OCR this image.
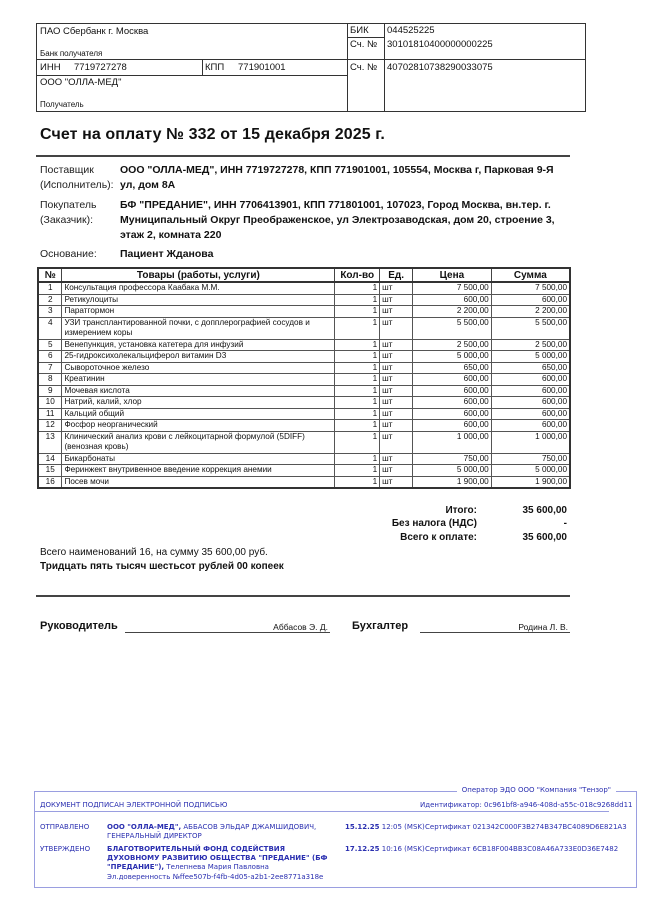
ПАО Сбербанк г. Москва
Банк получателя
ИНН 7719727278	КПП 771901001
ООО "ОЛЛА-МЕД"
Получатель
БИК 044525225
Сч. № 30101810400000000225
Сч. № 40702810738290033075
Счет на оплату № 332 от 15 декабря 2025 г.
Поставщик
(Исполнитель):
ООО "ОЛЛА-МЕД", ИНН 7719727278, КПП 771901001, 105554, Москва г, Парковая 9-Я ул, дом 8А
Покупатель
(Заказчик):
БФ "ПРЕДАНИЕ", ИНН 7706413901, КПП 771801001, 107023, Город Москва, вн.тер. г. Муниципальный Округ Преображенское, ул Электрозаводская, дом 20, строение 3, этаж 2, комната 220
Основание:	Пациент Жданова
№	Товары (работы, услуги)	Кол-во	Ед.	Цена	Сумма
1	Консультация профессора Каабака М.М.	1	шт	7 500,00	7 500,00
2	Ретикулоциты	1	шт	600,00	600,00
3	Паратгормон	1	шт	2 200,00	2 200,00
4	УЗИ трансплантированной почки, с допплерографией сосудов и измерением коры	1	шт	5 500,00	5 500,00
5	Венепункция, установка катетера для инфузий	1	шт	2 500,00	2 500,00
6	25-гидроксихолекальциферол витамин D3	1	шт	5 000,00	5 000,00
7	Сывороточное железо	1	шт	650,00	650,00
8	Креатинин	1	шт	600,00	600,00
9	Мочевая кислота	1	шт	600,00	600,00
10	Натрий, калий, хлор	1	шт	600,00	600,00
11	Кальций общий	1	шт	600,00	600,00
12	Фосфор неорганический	1	шт	600,00	600,00
13	Клинический анализ крови с лейкоцитарной формулой (5DIFF) (венозная кровь)	1	шт	1 000,00	1 000,00
14	Бикарбонаты	1	шт	750,00	750,00
15	Феринжект внутривенное введение коррекция анемии	1	шт	5 000,00	5 000,00
16	Посев мочи	1	шт	1 900,00	1 900,00
Итого:	35 600,00
Без налога (НДС)	-
Всего к оплате:	35 600,00
Всего наименований 16, на сумму 35 600,00 руб.
Тридцать пять тысяч шестьсот рублей 00 копеек
Руководитель	Аббасов Э. Д. Бухгалтер	Родина Л. В.
Оператор ЭДО ООО "Компания "Тензор"
ДОКУМЕНТ ПОДПИСАН ЭЛЕКТРОННОЙ ПОДПИСЬЮ	Идентификатор: 0c961bf8-a946-408d-a55c-018c9268dd11
ОТПРАВЛЕНО	ООО "ОЛЛА-МЕД", АББАСОВ ЭЛЬДАР ДЖАМШИДОВИЧ,
ГЕНЕРАЛЬНЫЙ ДИРЕКТОР
15.12.25 12:05 (MSK) Сертификат 021342C000F3B274B347BC4089D6E821A3
УТВЕРЖДЕНО БЛАГОТВОРИТЕЛЬНЫЙ ФОНД СОДЕЙСТВИЯ
ДУХОВНОМУ РАЗВИТИЮ ОБЩЕСТВА "ПРЕДАНИЕ" (БФ
"ПРЕДАНИЕ"), Телепнева Мария Павловна
Эл.доверенность №ffee507b-f4fb-4d05-a2b1-2ee8771a318e
17.12.25 10:16 (MSK) Сертификат 6CB18F004BB3C08A46A733E0D36E7482
